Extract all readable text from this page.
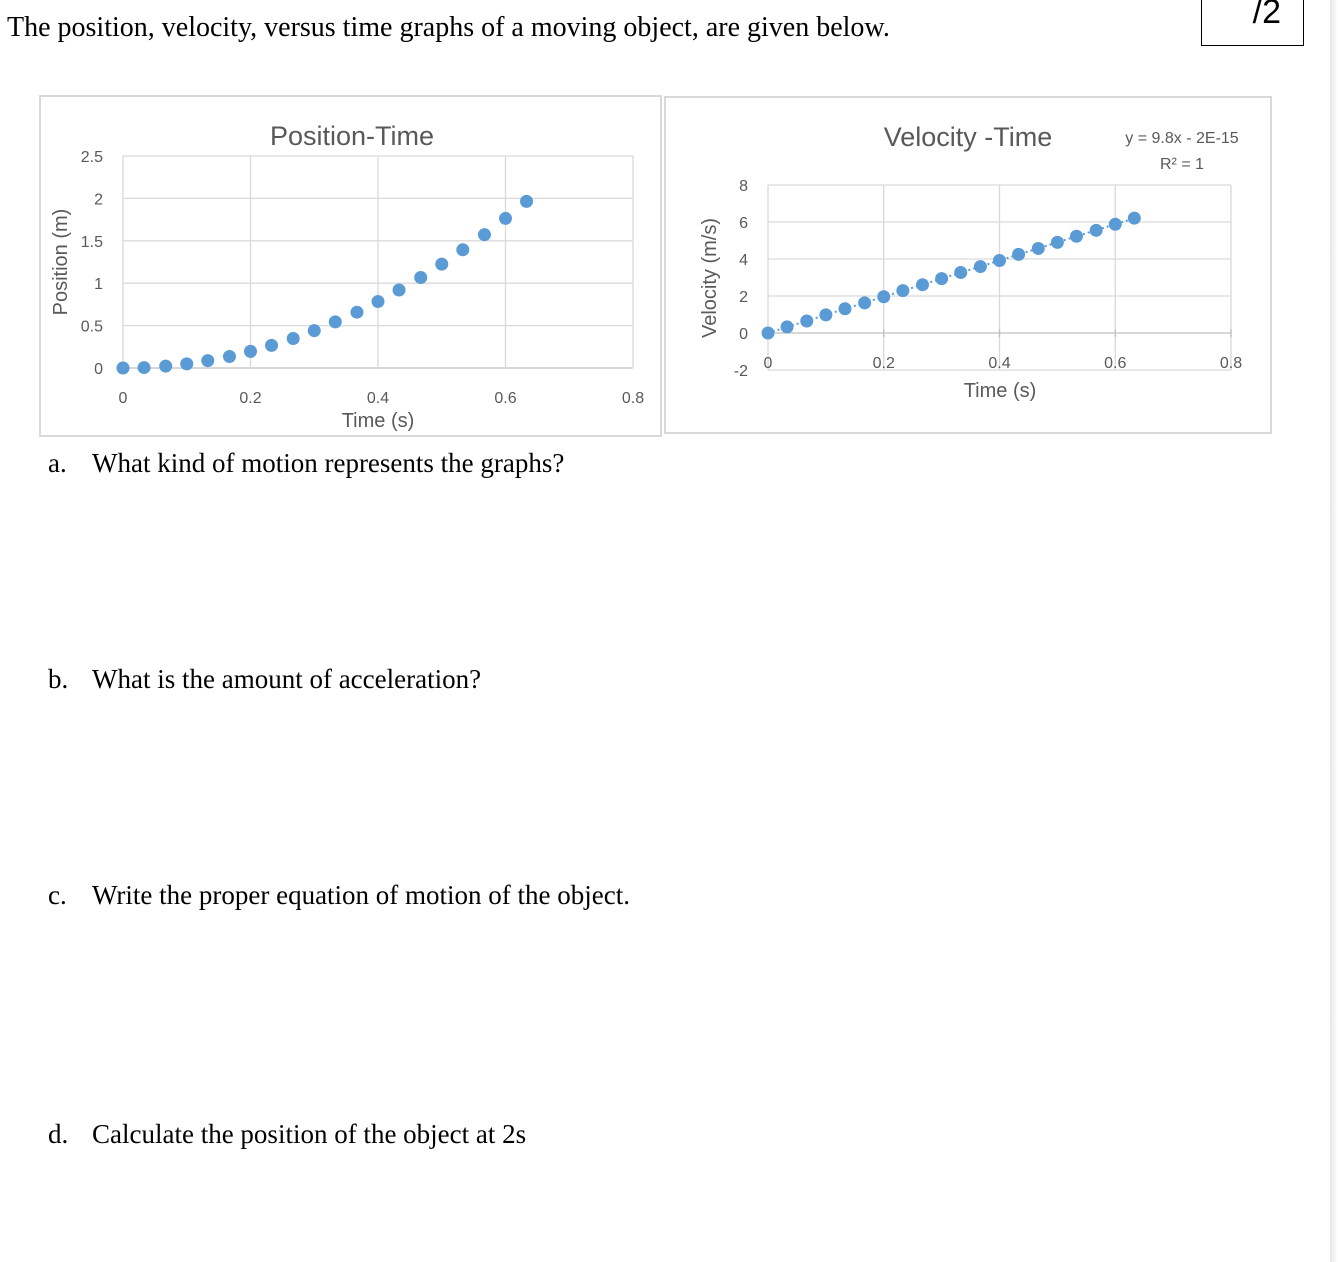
The position, velocity, versus time graphs of a moving object, are given below.	/2
Position-Time
0
0.5
1
1.5
2
2.5
0	0.2	0.4	0.6	0.8
Time (s)
Position (m)
Velocity -Time
-2
0
2
4
6
8
0	0.2	0.4	0.6	0.8
Time (s)
Velocity (m/s)
y = 9.8x - 2E-15
R² = 1
a. What kind of motion represents the graphs?
b. What is the amount of acceleration?
c. Write the proper equation of motion of the object.
d. Calculate the position of the object at 2s
